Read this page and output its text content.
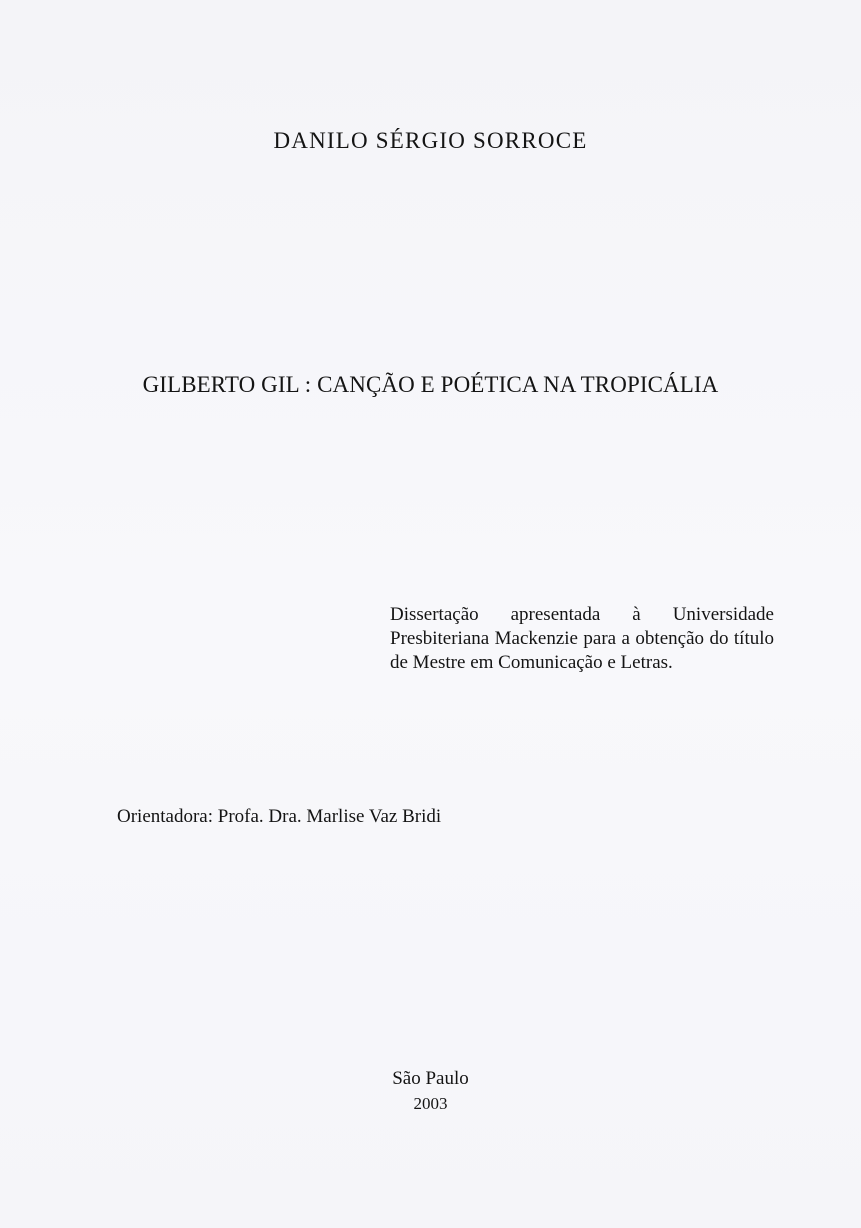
DANILO SÉRGIO SORROCE
GILBERTO GIL : CANÇÃO E POÉTICA NA TROPICÁLIA
Dissertação apresentada à Universidade Presbiteriana Mackenzie para a obtenção do título de Mestre em Comunicação e Letras.
Orientadora: Profa. Dra. Marlise Vaz Bridi
São Paulo
2003
